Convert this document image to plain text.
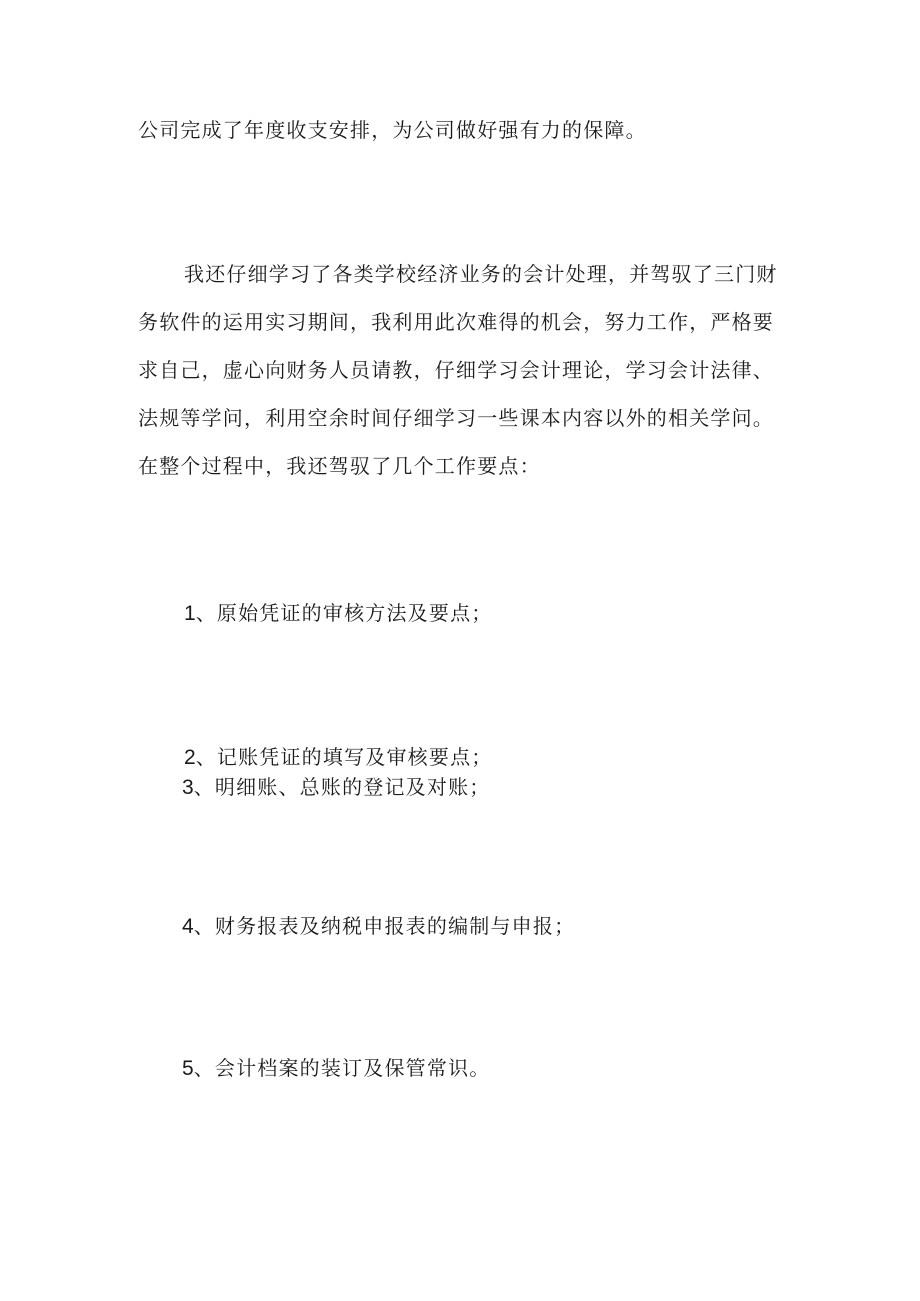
公司完成了年度收支安排，为公司做好强有力的保障。

我还仔细学习了各类学校经济业务的会计处理，并驾驭了三门财

务软件的运用实习期间，我利用此次难得的机会，努力工作，严格要

求自己，虚心向财务人员请教，仔细学习会计理论，学习会计法律、

法规等学问，利用空余时间仔细学习一些课本内容以外的相关学问。

在整个过程中，我还驾驭了几个工作要点：

1、原始凭证的审核方法及要点；

2、记账凭证的填写及审核要点；

3、明细账、总账的登记及对账；

4、财务报表及纳税申报表的编制与申报；

5、会计档案的装订及保管常识。
